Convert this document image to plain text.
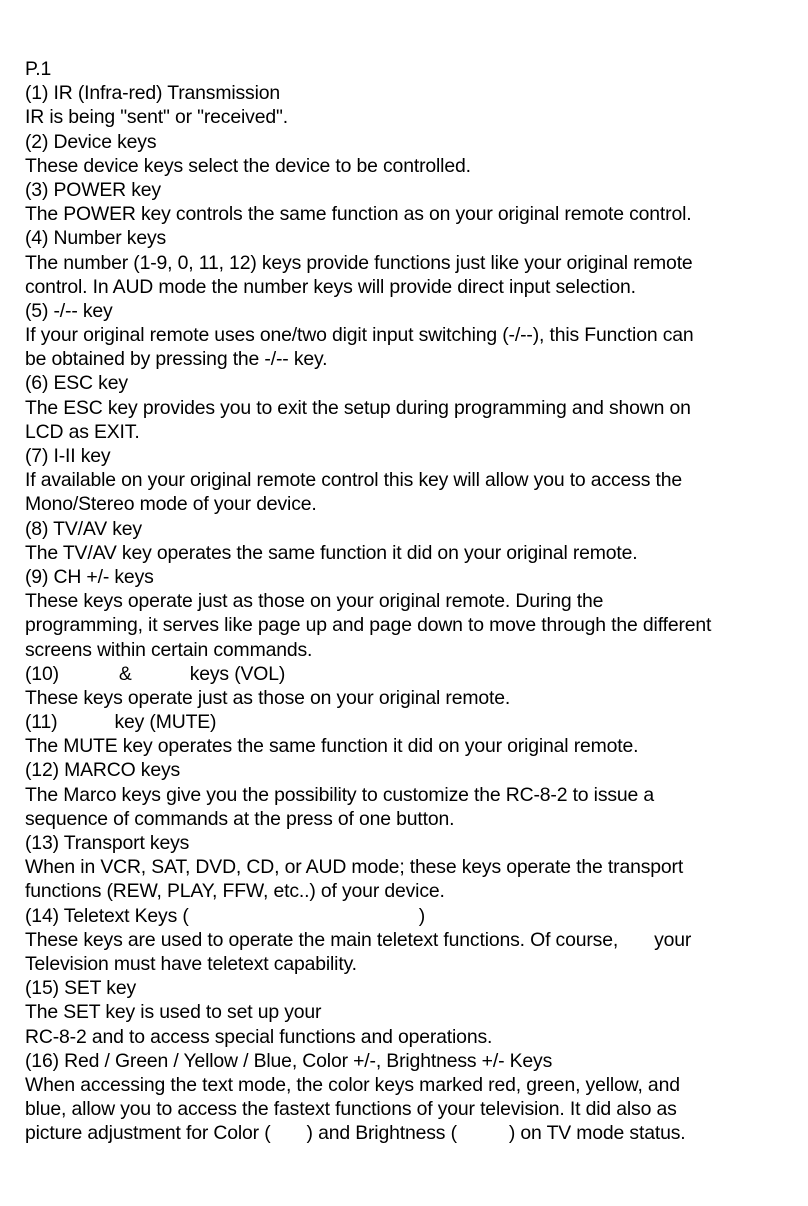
P.1
(1) IR (Infra-red) Transmission
IR is being "sent" or "received".
(2) Device keys
These device keys select the device to be controlled.
(3) POWER key
The POWER key controls the same function as on your original remote control.
(4) Number keys
The number (1-9, 0, 11, 12) keys provide functions just like your original remote
control. In AUD mode the number keys will provide direct input selection.
(5) -/-- key
If your original remote uses one/two digit input switching (-/--), this Function can
be obtained by pressing the -/-- key.
(6) ESC key
The ESC key provides you to exit the setup during programming and shown on
LCD as EXIT.
(7) I-II key
If available on your original remote control this key will allow you to access the
Mono/Stereo mode of your device.
(8) TV/AV key
The TV/AV key operates the same function it did on your original remote.
(9) CH +/- keys
These keys operate just as those on your original remote. During the
programming, it serves like page up and page down to move through the different
screens within certain commands.
(10)	&	keys (VOL)
These keys operate just as those on your original remote.
(11)	key (MUTE)
The MUTE key operates the same function it did on your original remote.
(12) MARCO keys
The Marco keys give you the possibility to customize the RC-8-2 to issue a
sequence of commands at the press of one button.
(13) Transport keys
When in VCR, SAT, DVD, CD, or AUD mode; these keys operate the transport
functions (REW, PLAY, FFW, etc..) of your device.
(14) Teletext Keys (	)
These keys are used to operate the main teletext functions. Of course, your
Television must have teletext capability.
(15) SET key
The SET key is used to set up your
RC-8-2 and to access special functions and operations.
(16) Red / Green / Yellow / Blue, Color +/-, Brightness +/- Keys
When accessing the text mode, the color keys marked red, green, yellow, and
blue, allow you to access the fastext functions of your television. It did also as
picture adjustment for Color ( ) and Brightness (	) on TV mode status.
